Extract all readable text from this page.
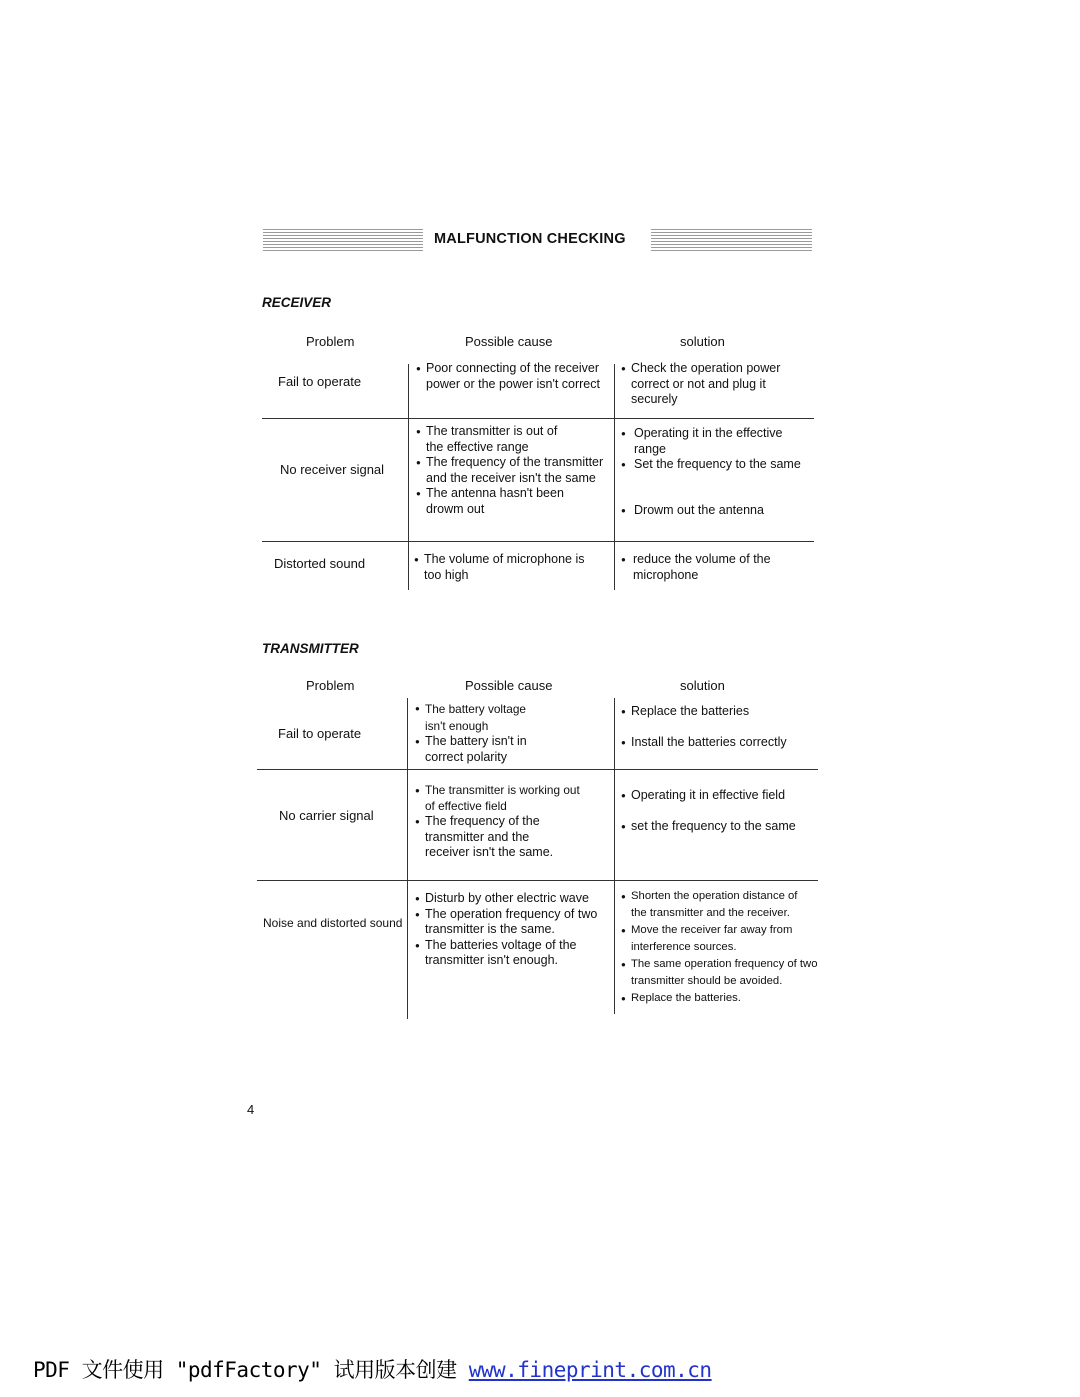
MALFUNCTION CHECKING
RECEIVER
Problem	Possible cause	solution
Fail to operate
● Poor connecting of the receiver power or the power isn't correct
● Check the operation power correct or not and plug it securely
No receiver signal
● The transmitter is out of the effective range
● The frequency of the transmitter and the receiver isn't the same
● The antenna hasn't been drowm out
● Operating it in the effective range
● Set the frequency to the same
● Drowm out the antenna
Distorted sound
●	The volume of microphone is too high
● reduce the volume of the microphone
TRANSMITTER
Problem	Possible cause	solution
Fail to operate
● The battery voltage isn't enough
● The battery isn't in correct polarity
● Replace the batteries
● Install the batteries correctly
No carrier signal
● The transmitter is working out of effective field
● The frequency of the transmitter and the receiver isn't the same.
● Operating it in effective field
● set the frequency to the same
Noise and distorted sound
● Disturb by other electric wave
● The operation frequency of two transmitter is the same.
● The batteries voltage of the transmitter isn't enough.
● Shorten the operation distance of the transmitter and the receiver.
● Move the receiver far away from interference sources.
● The same operation frequency of two transmitter should be avoided.
● Replace the batteries.
4
PDF 文件使用 "pdfFactory" 试用版本创建 www.fineprint.com.cn
